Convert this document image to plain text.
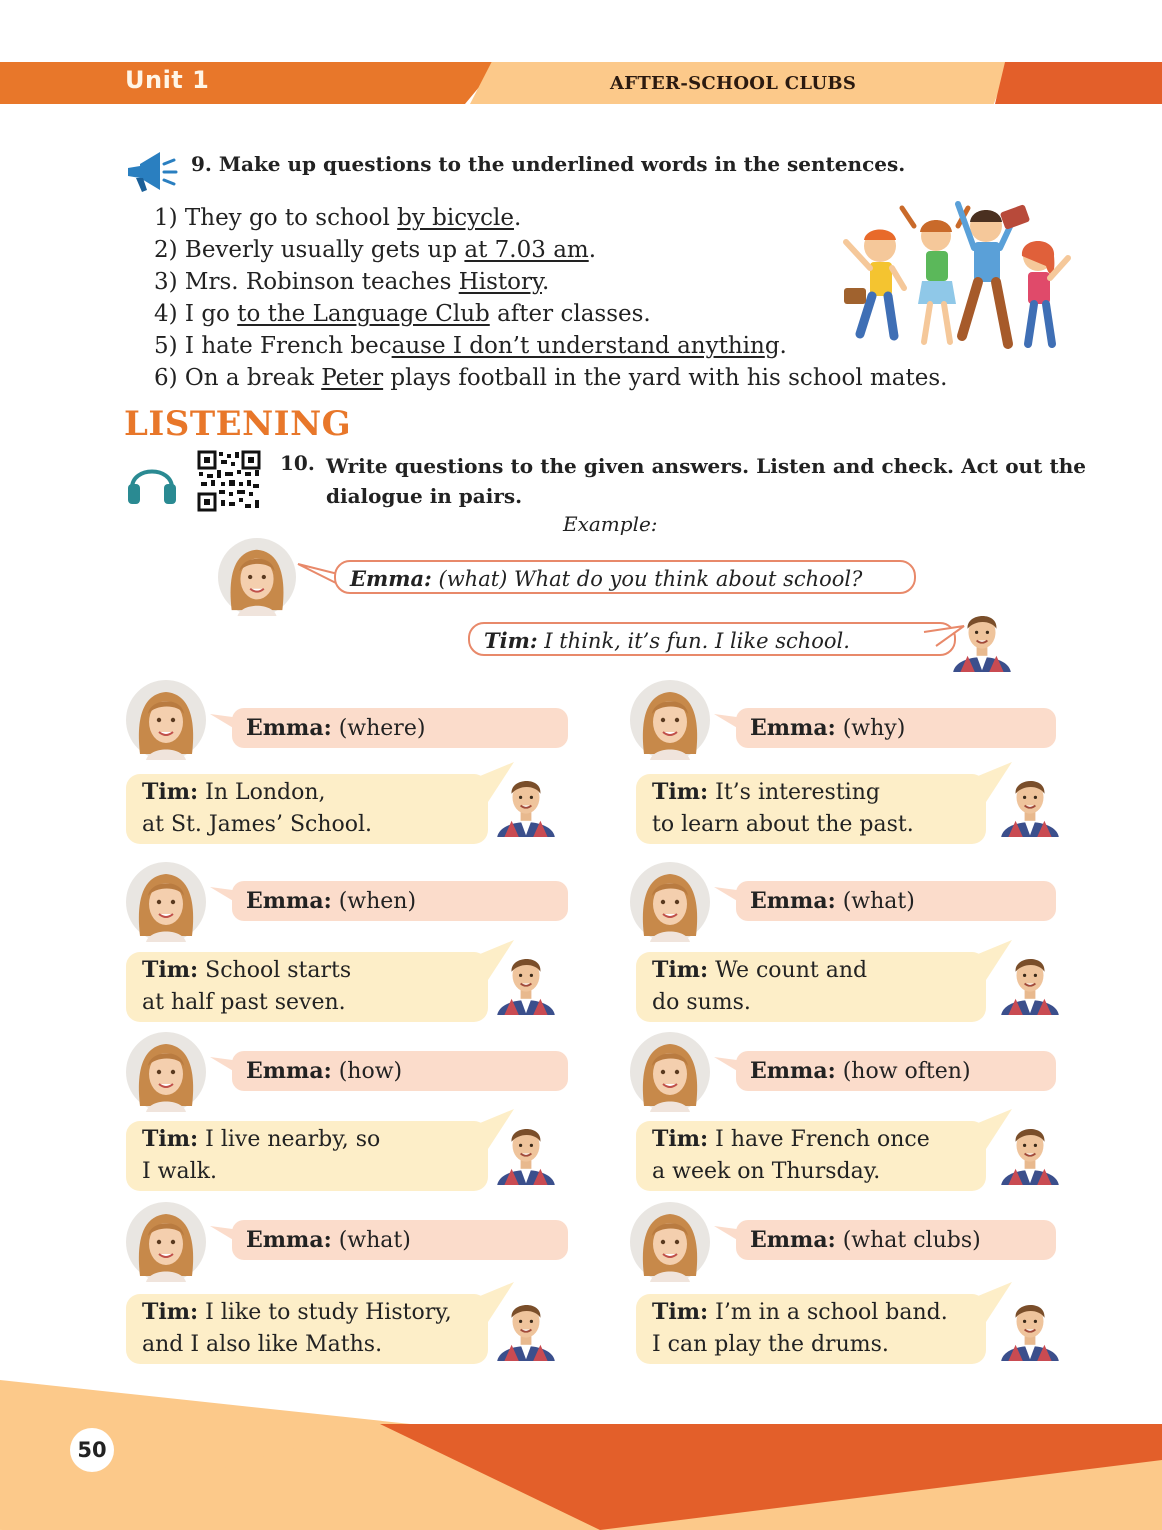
Unit 1	AFTER-SCHOOL CLUBS
9. Make up questions to the underlined words in the sentences.
1) They go to school by bicycle.
2) Beverly usually gets up at 7.03 am.
3) Mrs. Robinson teaches History.
4) I go to the Language Club after classes.
5) I hate French because I don’t understand anything.
6) On a break Peter plays football in the yard with his school mates.
LISTENING
10. Write questions to the given answers. Listen and check. Act out the dialogue in pairs.
Example:
Emma: (what) What do you think about school?
Tim: I think, it’s fun. I like school.
Emma: (where)
Tim: In London,
at St. James’ School.
Emma: (why)
Tim: It’s interesting
to learn about the past.
Emma: (when)
Tim: School starts
at half past seven.
Emma: (what)
Tim: We count and
do sums.
Emma: (how)
Tim: I live nearby, so
I walk.
Emma: (how often)
Tim: I have French once
a week on Thursday.
Emma: (what)
Tim: I like to study History,
and I also like Maths.
Emma: (what clubs)
Tim: I’m in a school band.
I can play the drums.
50
